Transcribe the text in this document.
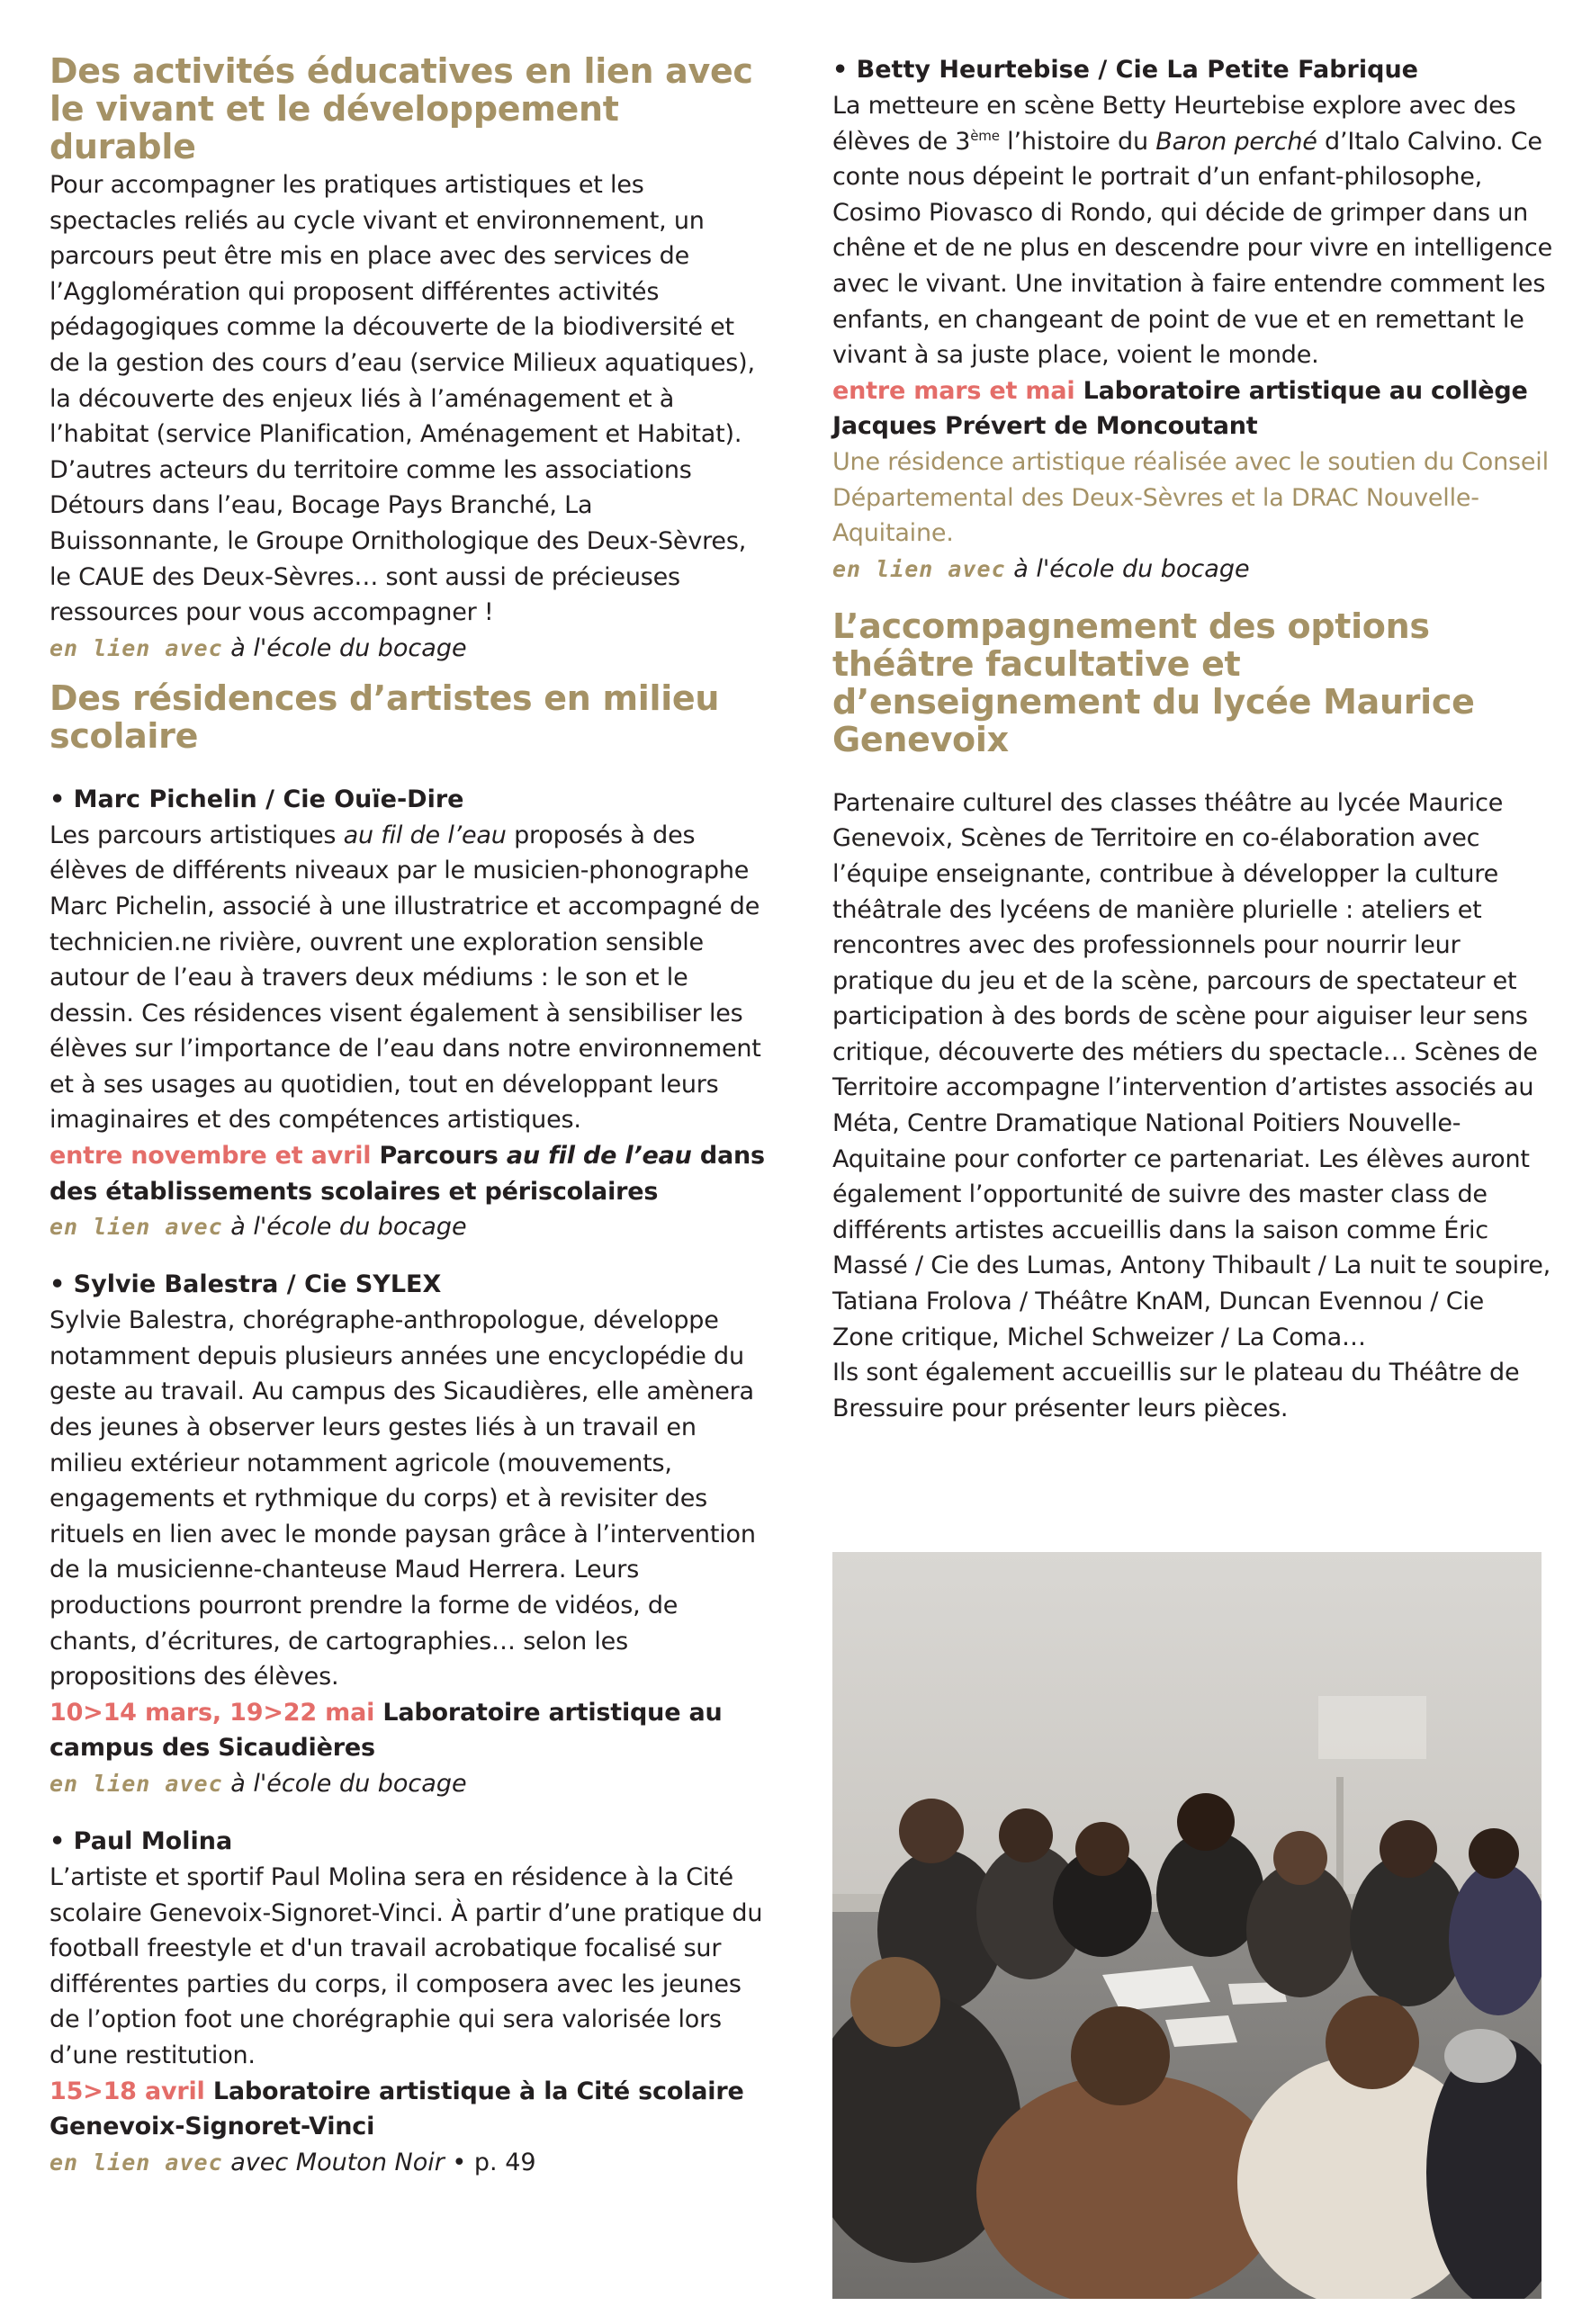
Des activités éducatives en lien avec le vivant et le développement durable

Pour accompagner les pratiques artistiques et les spectacles reliés au cycle vivant et environnement, un parcours peut être mis en place avec des services de l’Agglomération qui proposent différentes activités pédagogiques comme la découverte de la biodiversité et de la gestion des cours d’eau (service Milieux aquatiques), la découverte des enjeux liés à l’aménagement et à l’habitat (service Planification, Aménagement et Habitat). D’autres acteurs du territoire comme les associations Détours dans l’eau, Bocage Pays Branché, La Buissonnante, le Groupe Ornithologique des Deux-Sèvres, le CAUE des Deux-Sèvres… sont aussi de précieuses ressources pour vous accompagner !

en lien avec à l'école du bocage

Des résidences d’artistes en milieu scolaire

• Marc Pichelin / Cie Ouïe-Dire

Les parcours artistiques au fil de l’eau proposés à des élèves de différents niveaux par le musicien-phonographe Marc Pichelin, associé à une illustratrice et accompagné de technicien.ne rivière, ouvrent une exploration sensible autour de l’eau à travers deux médiums : le son et le dessin. Ces résidences visent également à sensibiliser les élèves sur l’importance de l’eau dans notre environnement et à ses usages au quotidien, tout en développant leurs imaginaires et des compétences artistiques.

entre novembre et avril Parcours au fil de l’eau dans des établissements scolaires et périscolaires

en lien avec à l'école du bocage

• Sylvie Balestra / Cie SYLEX

Sylvie Balestra, chorégraphe-anthropologue, développe notamment depuis plusieurs années une encyclopédie du geste au travail. Au campus des Sicaudières, elle amènera des jeunes à observer leurs gestes liés à un travail en milieu extérieur notamment agricole (mouvements, engagements et rythmique du corps) et à revisiter des rituels en lien avec le monde paysan grâce à l’intervention de la musicienne-chanteuse Maud Herrera. Leurs productions pourront prendre la forme de vidéos, de chants, d’écritures, de cartographies… selon les propositions des élèves.

10>14 mars, 19>22 mai Laboratoire artistique au campus des Sicaudières

en lien avec à l'école du bocage

• Paul Molina

L’artiste et sportif Paul Molina sera en résidence à la Cité scolaire Genevoix-Signoret-Vinci. À partir d’une pratique du football freestyle et d'un travail acrobatique focalisé sur différentes parties du corps, il composera avec les jeunes de l’option foot une chorégraphie qui sera valorisée lors d’une restitution.

15>18 avril Laboratoire artistique à la Cité scolaire Genevoix-Signoret-Vinci

en lien avec avec Mouton Noir • p. 49

• Betty Heurtebise / Cie La Petite Fabrique

La metteure en scène Betty Heurtebise explore avec des élèves de 3ème l’histoire du Baron perché d’Italo Calvino. Ce conte nous dépeint le portrait d’un enfant-philosophe, Cosimo Piovasco di Rondo, qui décide de grimper dans un chêne et de ne plus en descendre pour vivre en intelligence avec le vivant. Une invitation à faire entendre comment les enfants, en changeant de point de vue et en remettant le vivant à sa juste place, voient le monde.

entre mars et mai Laboratoire artistique au collège Jacques Prévert de Moncoutant

Une résidence artistique réalisée avec le soutien du Conseil Départemental des Deux-Sèvres et la DRAC Nouvelle-Aquitaine.

en lien avec à l'école du bocage

L’accompagnement des options théâtre facultative et d’enseignement du lycée Maurice Genevoix

Partenaire culturel des classes théâtre au lycée Maurice Genevoix, Scènes de Territoire en co-élaboration avec l’équipe enseignante, contribue à développer la culture théâtrale des lycéens de manière plurielle : ateliers et rencontres avec des professionnels pour nourrir leur pratique du jeu et de la scène, parcours de spectateur et participation à des bords de scène pour aiguiser leur sens critique, découverte des métiers du spectacle… Scènes de Territoire accompagne l’intervention d’artistes associés au Méta, Centre Dramatique National Poitiers Nouvelle-Aquitaine pour conforter ce partenariat. Les élèves auront également l’opportunité de suivre des master class de différents artistes accueillis dans la saison comme Éric Massé / Cie des Lumas, Antony Thibault / La nuit te soupire, Tatiana Frolova / Théâtre KnAM, Duncan Evennou / Cie Zone critique, Michel Schweizer / La Coma…

Ils sont également accueillis sur le plateau du Théâtre de Bressuire pour présenter leurs pièces.
